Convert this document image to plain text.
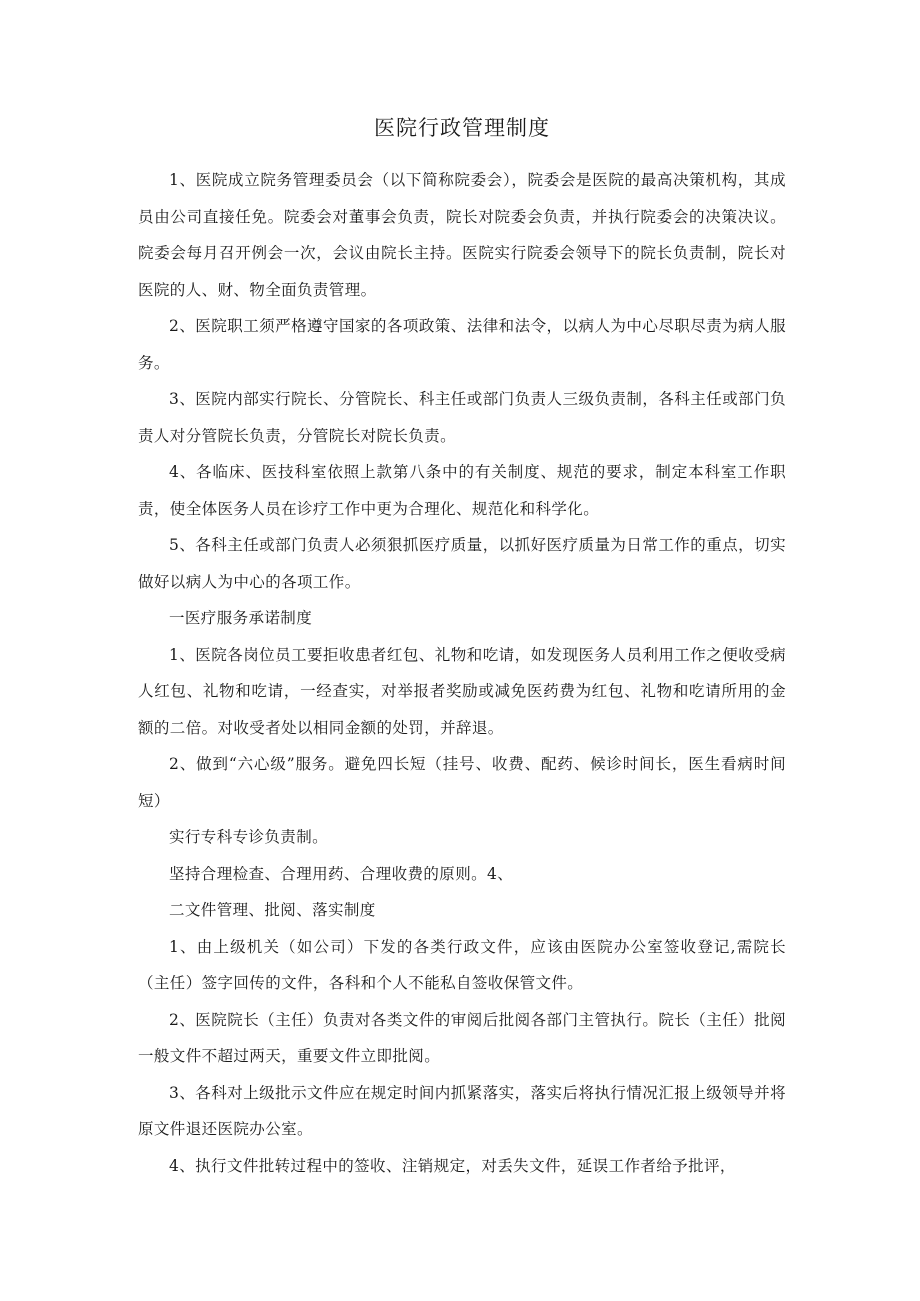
医院行政管理制度

1、医院成立院务管理委员会（以下简称院委会），院委会是医院的最高决策机构，其成员由公司直接任免。院委会对董事会负责，院长对院委会负责，并执行院委会的决策决议。院委会每月召开例会一次，会议由院长主持。医院实行院委会领导下的院长负责制，院长对医院的人、财、物全面负责管理。

2、医院职工须严格遵守国家的各项政策、法律和法令，以病人为中心尽职尽责为病人服务。

3、医院内部实行院长、分管院长、科主任或部门负责人三级负责制，各科主任或部门负责人对分管院长负责，分管院长对院长负责。

4、各临床、医技科室依照上款第八条中的有关制度、规范的要求，制定本科室工作职责，使全体医务人员在诊疗工作中更为合理化、规范化和科学化。

5、各科主任或部门负责人必须狠抓医疗质量，以抓好医疗质量为日常工作的重点，切实做好以病人为中心的各项工作。

一医疗服务承诺制度

1、医院各岗位员工要拒收患者红包、礼物和吃请，如发现医务人员利用工作之便收受病人红包、礼物和吃请，一经查实，对举报者奖励或减免医药费为红包、礼物和吃请所用的金额的二倍。对收受者处以相同金额的处罚，并辞退。

2、做到“六心级”服务。避免四长短（挂号、收费、配药、候诊时间长，医生看病时间短）

实行专科专诊负责制。

坚持合理检查、合理用药、合理收费的原则。4、

二文件管理、批阅、落实制度

1、由上级机关（如公司）下发的各类行政文件，应该由医院办公室签收登记,需院长（主任）签字回传的文件，各科和个人不能私自签收保管文件。

2、医院院长（主任）负责对各类文件的审阅后批阅各部门主管执行。院长（主任）批阅一般文件不超过两天，重要文件立即批阅。

3、各科对上级批示文件应在规定时间内抓紧落实，落实后将执行情况汇报上级领导并将原文件退还医院办公室。

4、执行文件批转过程中的签收、注销规定，对丢失文件，延误工作者给予批评，
